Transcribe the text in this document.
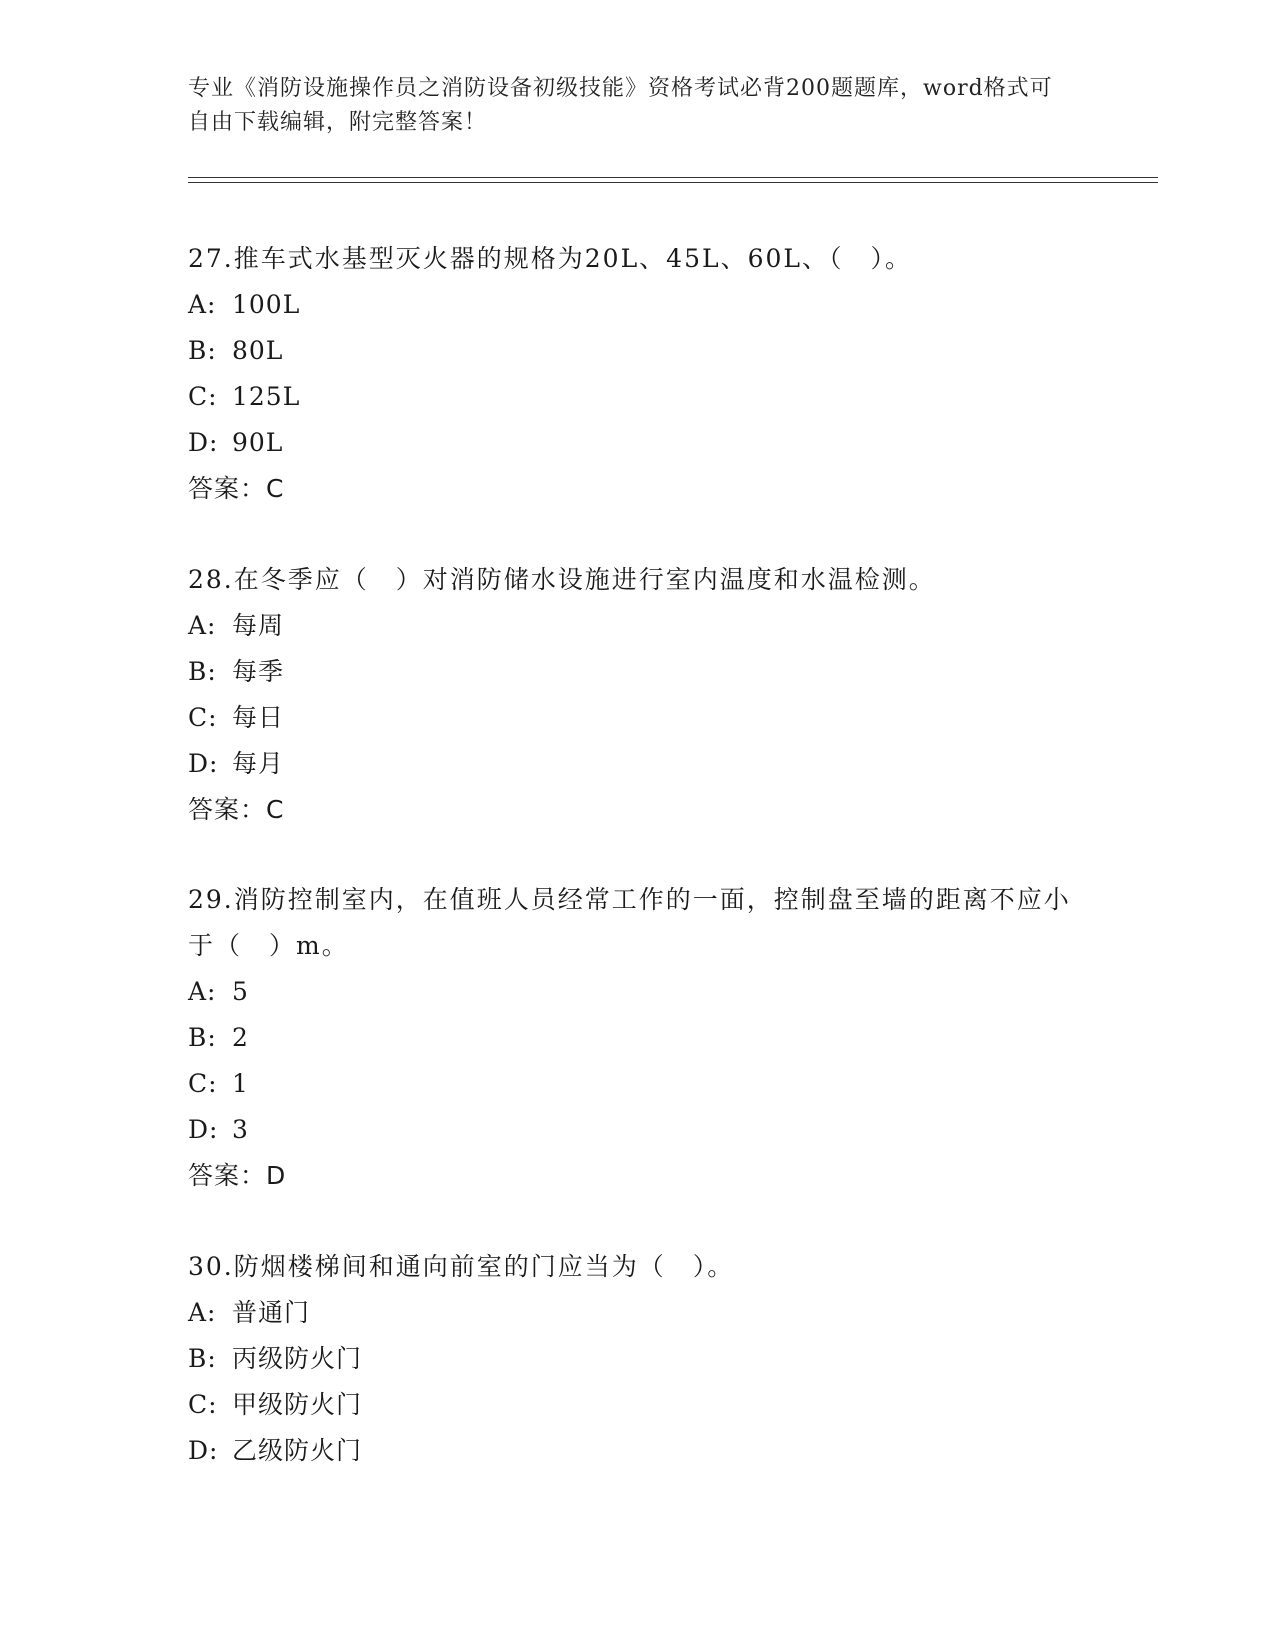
专业《消防设施操作员之消防设备初级技能》资格考试必背200题题库，word格式可自由下载编辑，附完整答案！

27.推车式水基型灭火器的规格为20L、45L、60L、（　）。

A: 100L
B: 80L
C: 125L
D: 90L
答案：C

28.在冬季应（　）对消防储水设施进行室内温度和水温检测。

A: 每周
B: 每季
C: 每日
D: 每月
答案：C

29.消防控制室内，在值班人员经常工作的一面，控制盘至墙的距离不应小于（　）m。

A: 5
B: 2
C: 1
D: 3
答案：D

30.防烟楼梯间和通向前室的门应当为（　）。

A: 普通门
B: 丙级防火门
C: 甲级防火门
D: 乙级防火门
